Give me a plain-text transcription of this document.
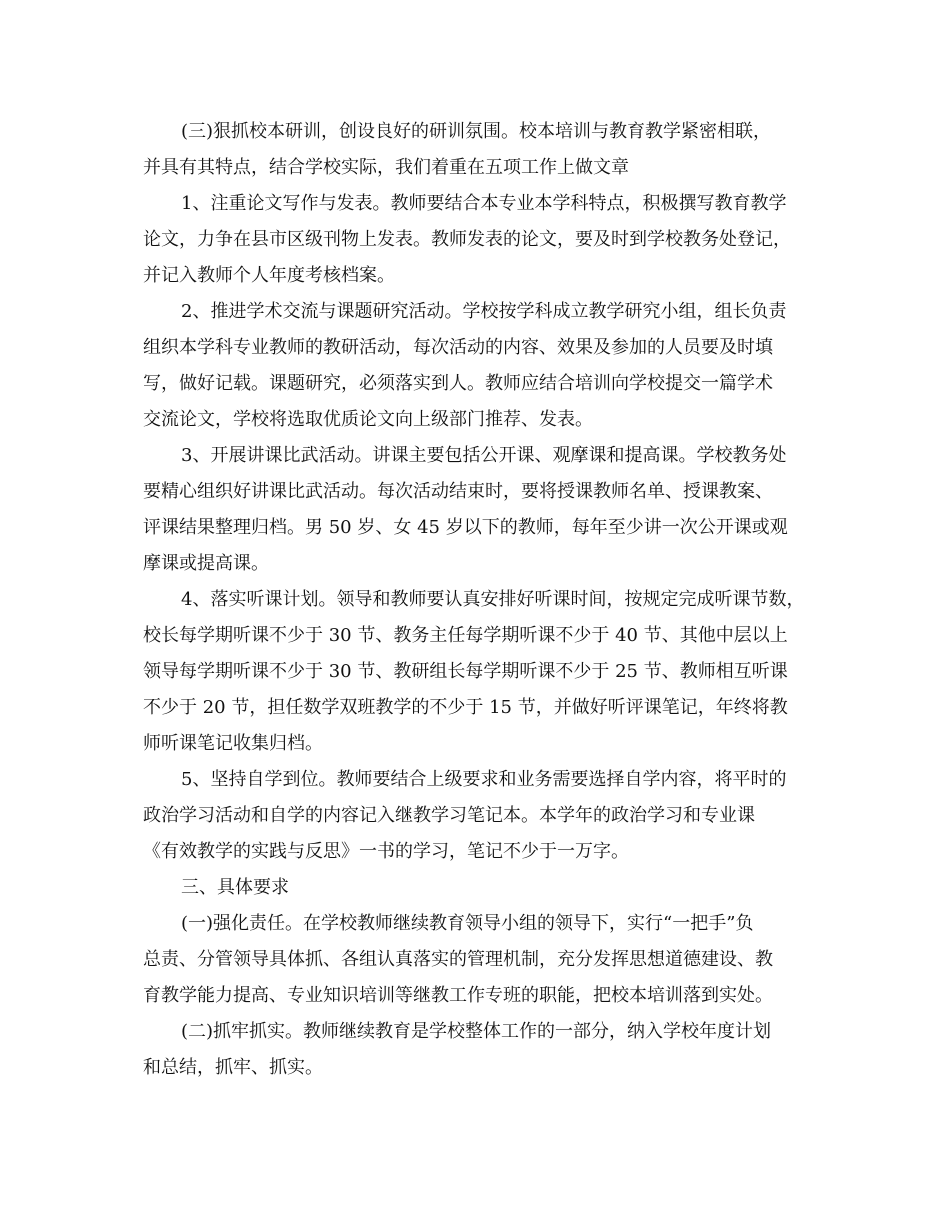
(三)狠抓校本研训，创设良好的研训氛围。校本培训与教育教学紧密相联，

并具有其特点，结合学校实际，我们着重在五项工作上做文章

1、注重论文写作与发表。教师要结合本专业本学科特点，积极撰写教育教学

论文，力争在县市区级刊物上发表。教师发表的论文，要及时到学校教务处登记，

并记入教师个人年度考核档案。

2、推进学术交流与课题研究活动。学校按学科成立教学研究小组，组长负责

组织本学科专业教师的教研活动，每次活动的内容、效果及参加的人员要及时填

写，做好记载。课题研究，必须落实到人。教师应结合培训向学校提交一篇学术

交流论文，学校将选取优质论文向上级部门推荐、发表。

3、开展讲课比武活动。讲课主要包括公开课、观摩课和提高课。学校教务处

要精心组织好讲课比武活动。每次活动结束时，要将授课教师名单、授课教案、

评课结果整理归档。男 50 岁、女 45 岁以下的教师，每年至少讲一次公开课或观

摩课或提高课。

4、落实听课计划。领导和教师要认真安排好听课时间，按规定完成听课节数，

校长每学期听课不少于 30 节、教务主任每学期听课不少于 40 节、其他中层以上

领导每学期听课不少于 30 节、教研组长每学期听课不少于 25 节、教师相互听课

不少于 20 节，担任数学双班教学的不少于 15 节，并做好听评课笔记，年终将教

师听课笔记收集归档。

5、坚持自学到位。教师要结合上级要求和业务需要选择自学内容，将平时的

政治学习活动和自学的内容记入继教学习笔记本。本学年的政治学习和专业课

《有效教学的实践与反思》一书的学习，笔记不少于一万字。

三、具体要求

(一)强化责任。在学校教师继续教育领导小组的领导下，实行“一把手”负

总责、分管领导具体抓、各组认真落实的管理机制，充分发挥思想道德建设、教

育教学能力提高、专业知识培训等继教工作专班的职能，把校本培训落到实处。

(二)抓牢抓实。教师继续教育是学校整体工作的一部分，纳入学校年度计划

和总结，抓牢、抓实。
